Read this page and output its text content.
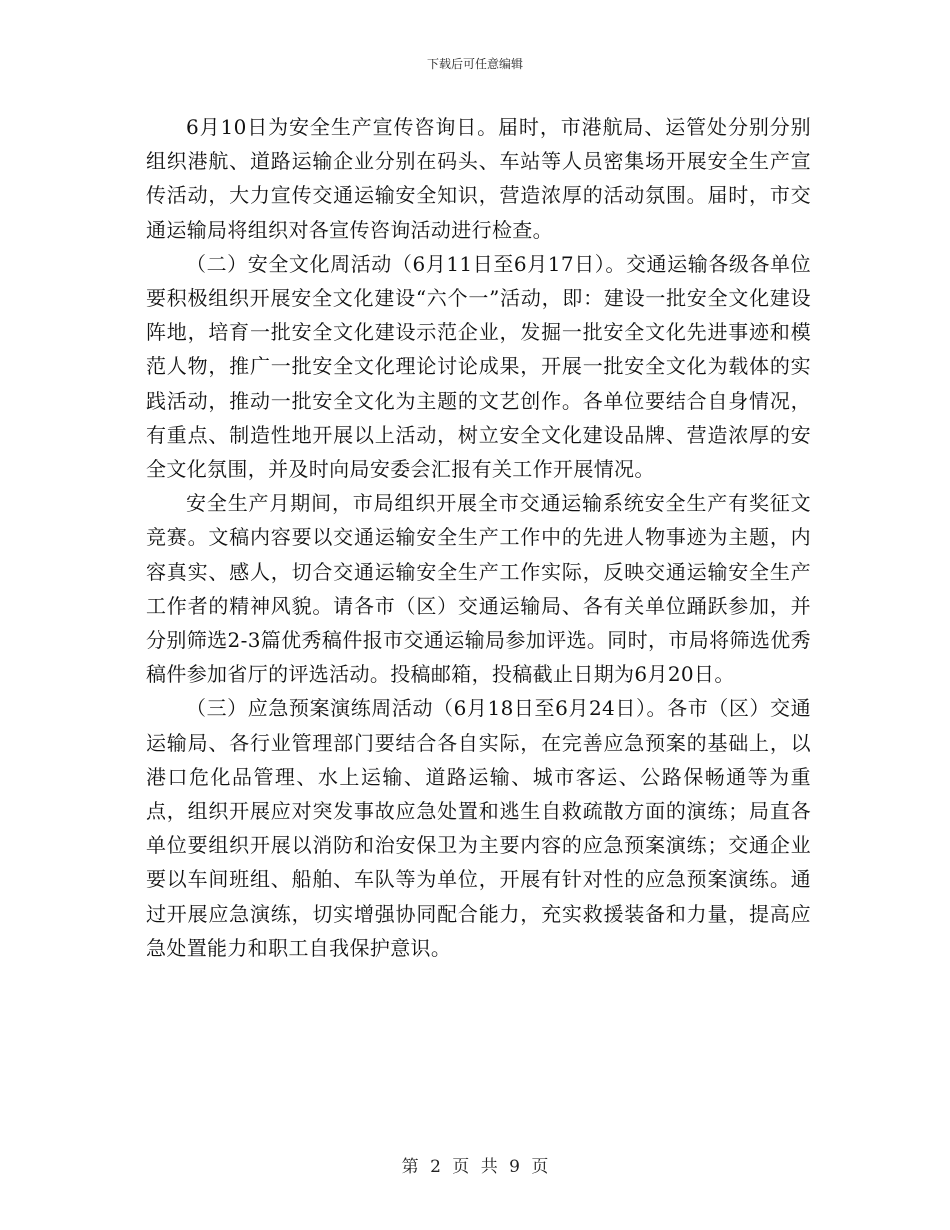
下载后可任意编辑

6月10日为安全生产宣传咨询日。届时，市港航局、运管处分别分别组织港航、道路运输企业分别在码头、车站等人员密集场开展安全生产宣传活动，大力宣传交通运输安全知识，营造浓厚的活动氛围。届时，市交通运输局将组织对各宣传咨询活动进行检查。

（二）安全文化周活动（6月11日至6月17日）。交通运输各级各单位要积极组织开展安全文化建设“六个一”活动，即：建设一批安全文化建设阵地，培育一批安全文化建设示范企业，发掘一批安全文化先进事迹和模范人物，推广一批安全文化理论讨论成果，开展一批安全文化为载体的实践活动，推动一批安全文化为主题的文艺创作。各单位要结合自身情况，有重点、制造性地开展以上活动，树立安全文化建设品牌、营造浓厚的安全文化氛围，并及时向局安委会汇报有关工作开展情况。

安全生产月期间，市局组织开展全市交通运输系统安全生产有奖征文竞赛。文稿内容要以交通运输安全生产工作中的先进人物事迹为主题，内容真实、感人，切合交通运输安全生产工作实际，反映交通运输安全生产工作者的精神风貌。请各市（区）交通运输局、各有关单位踊跃参加，并分别筛选2-3篇优秀稿件报市交通运输局参加评选。同时，市局将筛选优秀稿件参加省厅的评选活动。投稿邮箱，投稿截止日期为6月20日。

（三）应急预案演练周活动（6月18日至6月24日）。各市（区）交通运输局、各行业管理部门要结合各自实际，在完善应急预案的基础上，以港口危化品管理、水上运输、道路运输、城市客运、公路保畅通等为重点，组织开展应对突发事故应急处置和逃生自救疏散方面的演练；局直各单位要组织开展以消防和治安保卫为主要内容的应急预案演练；交通企业要以车间班组、船舶、车队等为单位，开展有针对性的应急预案演练。通过开展应急演练，切实增强协同配合能力，充实救援装备和力量，提高应急处置能力和职工自我保护意识。

第 2 页 共 9 页
